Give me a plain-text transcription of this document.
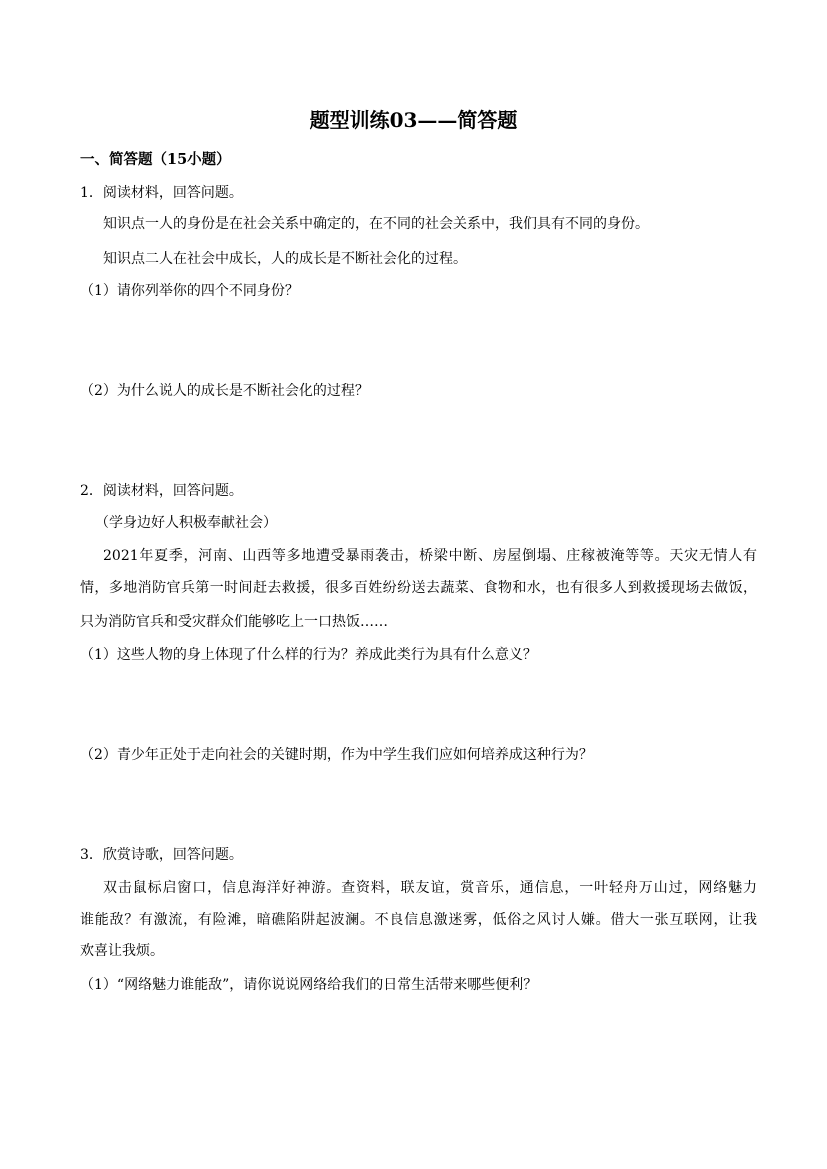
题型训练03——简答题
一、简答题（15小题）
1．阅读材料，回答问题。
知识点一人的身份是在社会关系中确定的，在不同的社会关系中，我们具有不同的身份。
知识点二人在社会中成长，人的成长是不断社会化的过程。
（1）请你列举你的四个不同身份？
（2）为什么说人的成长是不断社会化的过程？
2．阅读材料，回答问题。
（学身边好人积极奉献社会）
2021年夏季，河南、山西等多地遭受暴雨袭击，桥梁中断、房屋倒塌、庄稼被淹等等。天灾无情人有
情，多地消防官兵第一时间赶去救援，很多百姓纷纷送去蔬菜、食物和水，也有很多人到救援现场去做饭，
只为消防官兵和受灾群众们能够吃上一口热饭……
（1）这些人物的身上体现了什么样的行为？养成此类行为具有什么意义？
（2）青少年正处于走向社会的关键时期，作为中学生我们应如何培养成这种行为？
3．欣赏诗歌，回答问题。
双击鼠标启窗口，信息海洋好神游。查资料，联友谊，赏音乐，通信息，一叶轻舟万山过，网络魅力
谁能敌？有激流，有险滩，暗礁陷阱起波澜。不良信息激迷雾，低俗之风讨人嫌。借大一张互联网，让我
欢喜让我烦。
（1）“网络魅力谁能敌”，请你说说网络给我们的日常生活带来哪些便利？
